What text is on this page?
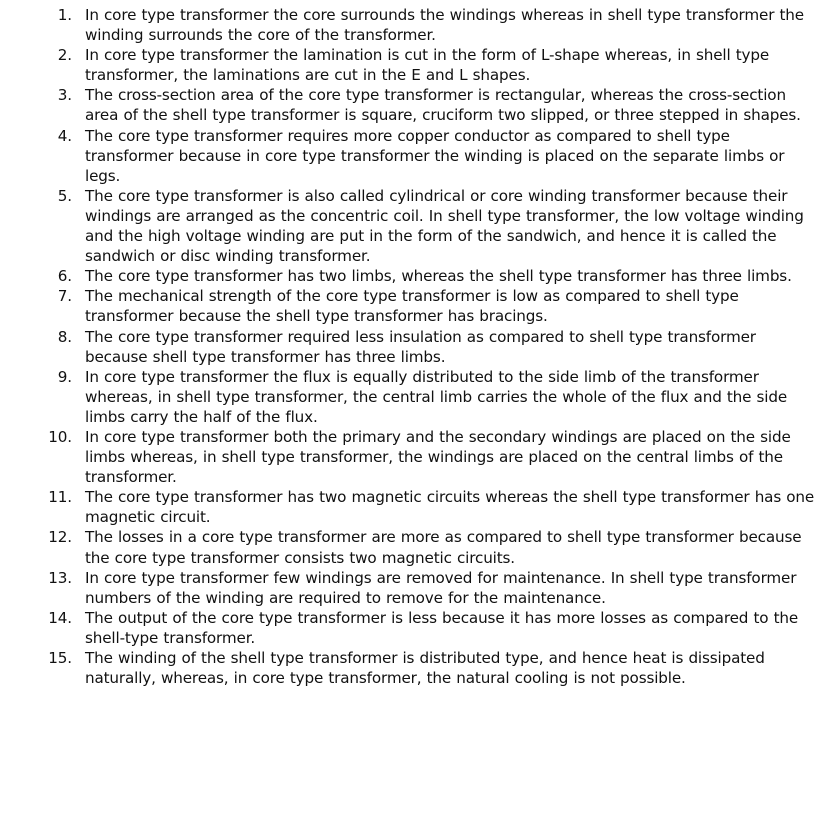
1. In core type transformer the core surrounds the windings whereas in shell type transformer the winding surrounds the core of the transformer.
2. In core type transformer the lamination is cut in the form of L-shape whereas, in shell type transformer, the laminations are cut in the E and L shapes.
3. The cross-section area of the core type transformer is rectangular, whereas the cross-section area of the shell type transformer is square, cruciform two slipped, or three stepped in shapes.
4. The core type transformer requires more copper conductor as compared to shell type transformer because in core type transformer the winding is placed on the separate limbs or legs.
5. The core type transformer is also called cylindrical or core winding transformer because their windings are arranged as the concentric coil. In shell type transformer, the low voltage winding and the high voltage winding are put in the form of the sandwich, and hence it is called the sandwich or disc winding transformer.
6. The core type transformer has two limbs, whereas the shell type transformer has three limbs.
7. The mechanical strength of the core type transformer is low as compared to shell type transformer because the shell type transformer has bracings.
8. The core type transformer required less insulation as compared to shell type transformer because shell type transformer has three limbs.
9. In core type transformer the flux is equally distributed to the side limb of the transformer whereas, in shell type transformer, the central limb carries the whole of the flux and the side limbs carry the half of the flux.
10. In core type transformer both the primary and the secondary windings are placed on the side limbs whereas, in shell type transformer, the windings are placed on the central limbs of the transformer.
11. The core type transformer has two magnetic circuits whereas the shell type transformer has one magnetic circuit.
12. The losses in a core type transformer are more as compared to shell type transformer because the core type transformer consists two magnetic circuits.
13. In core type transformer few windings are removed for maintenance. In shell type transformer numbers of the winding are required to remove for the maintenance.
14. The output of the core type transformer is less because it has more losses as compared to the shell-type transformer.
15. The winding of the shell type transformer is distributed type, and hence heat is dissipated naturally, whereas, in core type transformer, the natural cooling is not possible.
